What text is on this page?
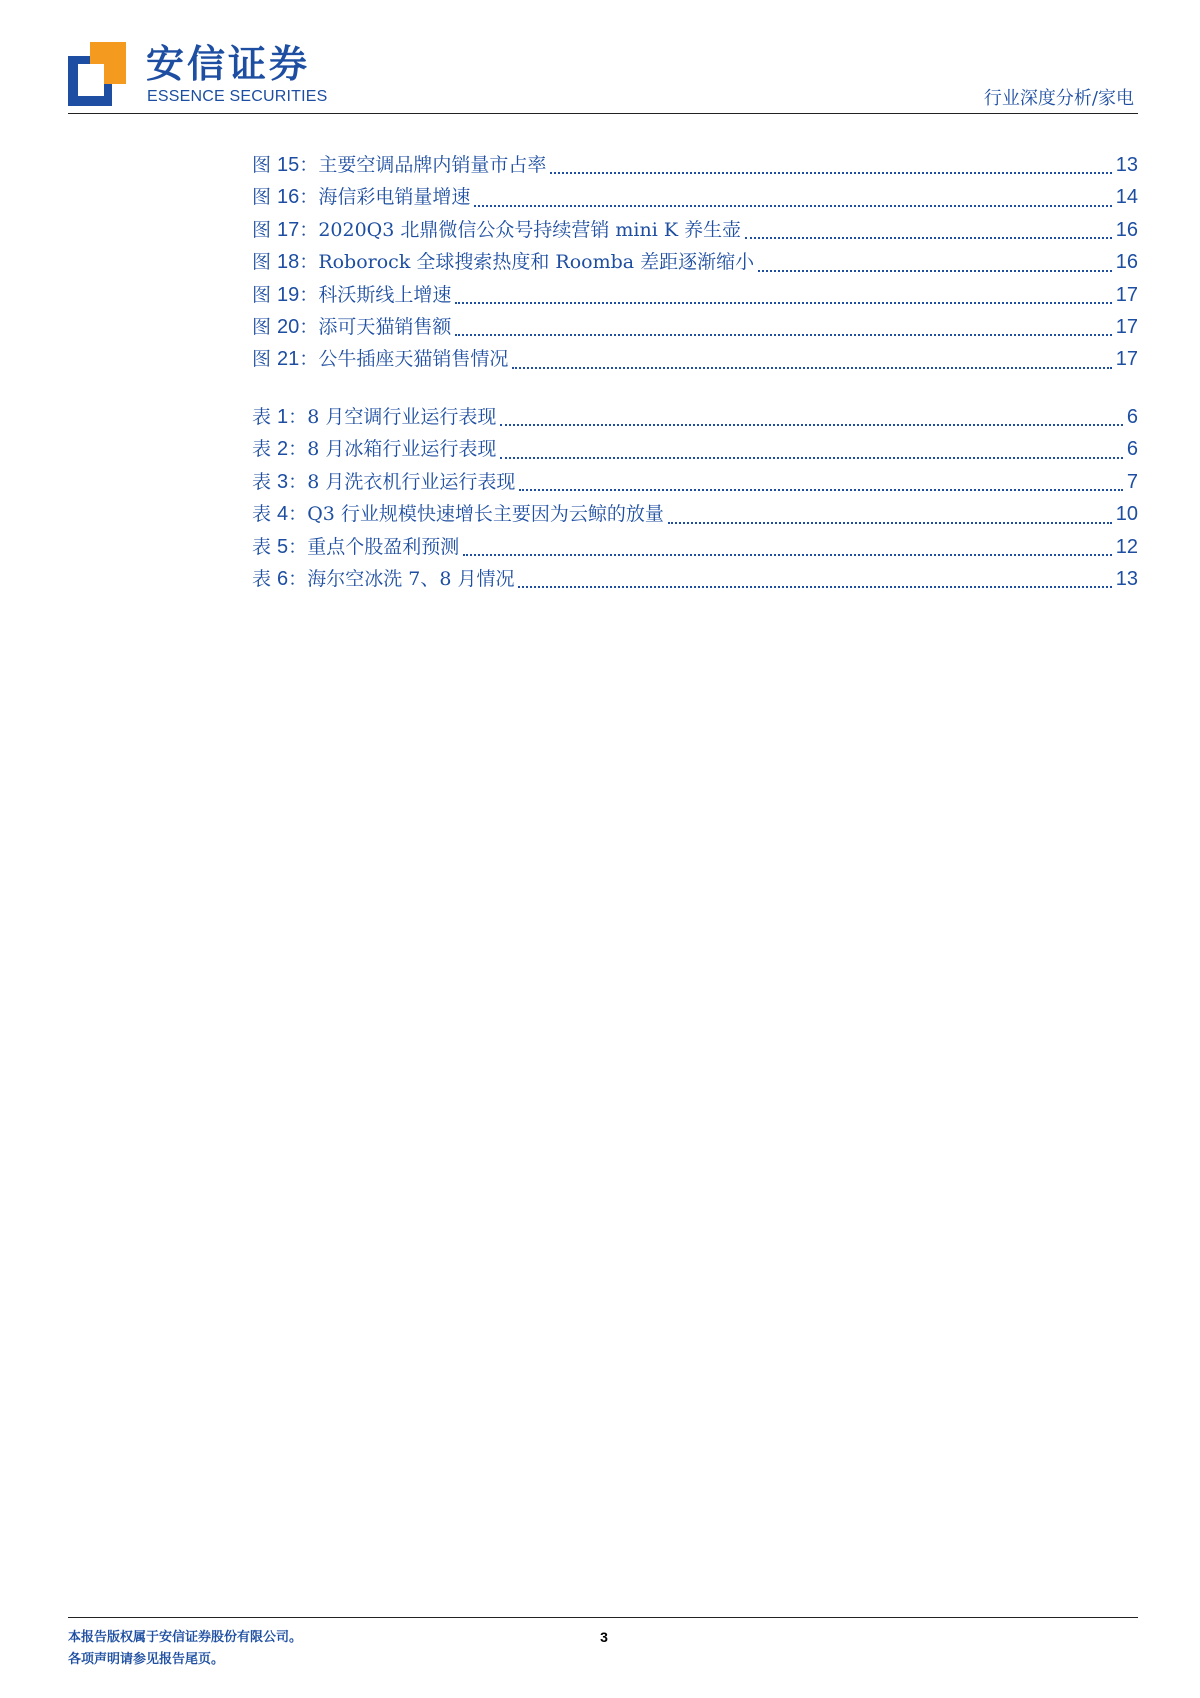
安信证券
ESSENCE SECURITIES	行业深度分析/家电
图 15：主要空调品牌内销量市占率	13
图 16：海信彩电销量增速	14
图 17：2020Q3 北鼎微信公众号持续营销 mini K 养生壶	16
图 18：Roborock 全球搜索热度和 Roomba 差距逐渐缩小	16
图 19：科沃斯线上增速	17
图 20：添可天猫销售额	17
图 21：公牛插座天猫销售情况	17
表 1：8 月空调行业运行表现	6
表 2：8 月冰箱行业运行表现	6
表 3：8 月洗衣机行业运行表现	7
表 4：Q3 行业规模快速增长主要因为云鲸的放量	10
表 5：重点个股盈利预测	12
表 6：海尔空冰洗 7、8 月情况	13
本报告版权属于安信证券股份有限公司。
各项声明请参见报告尾页。
3
